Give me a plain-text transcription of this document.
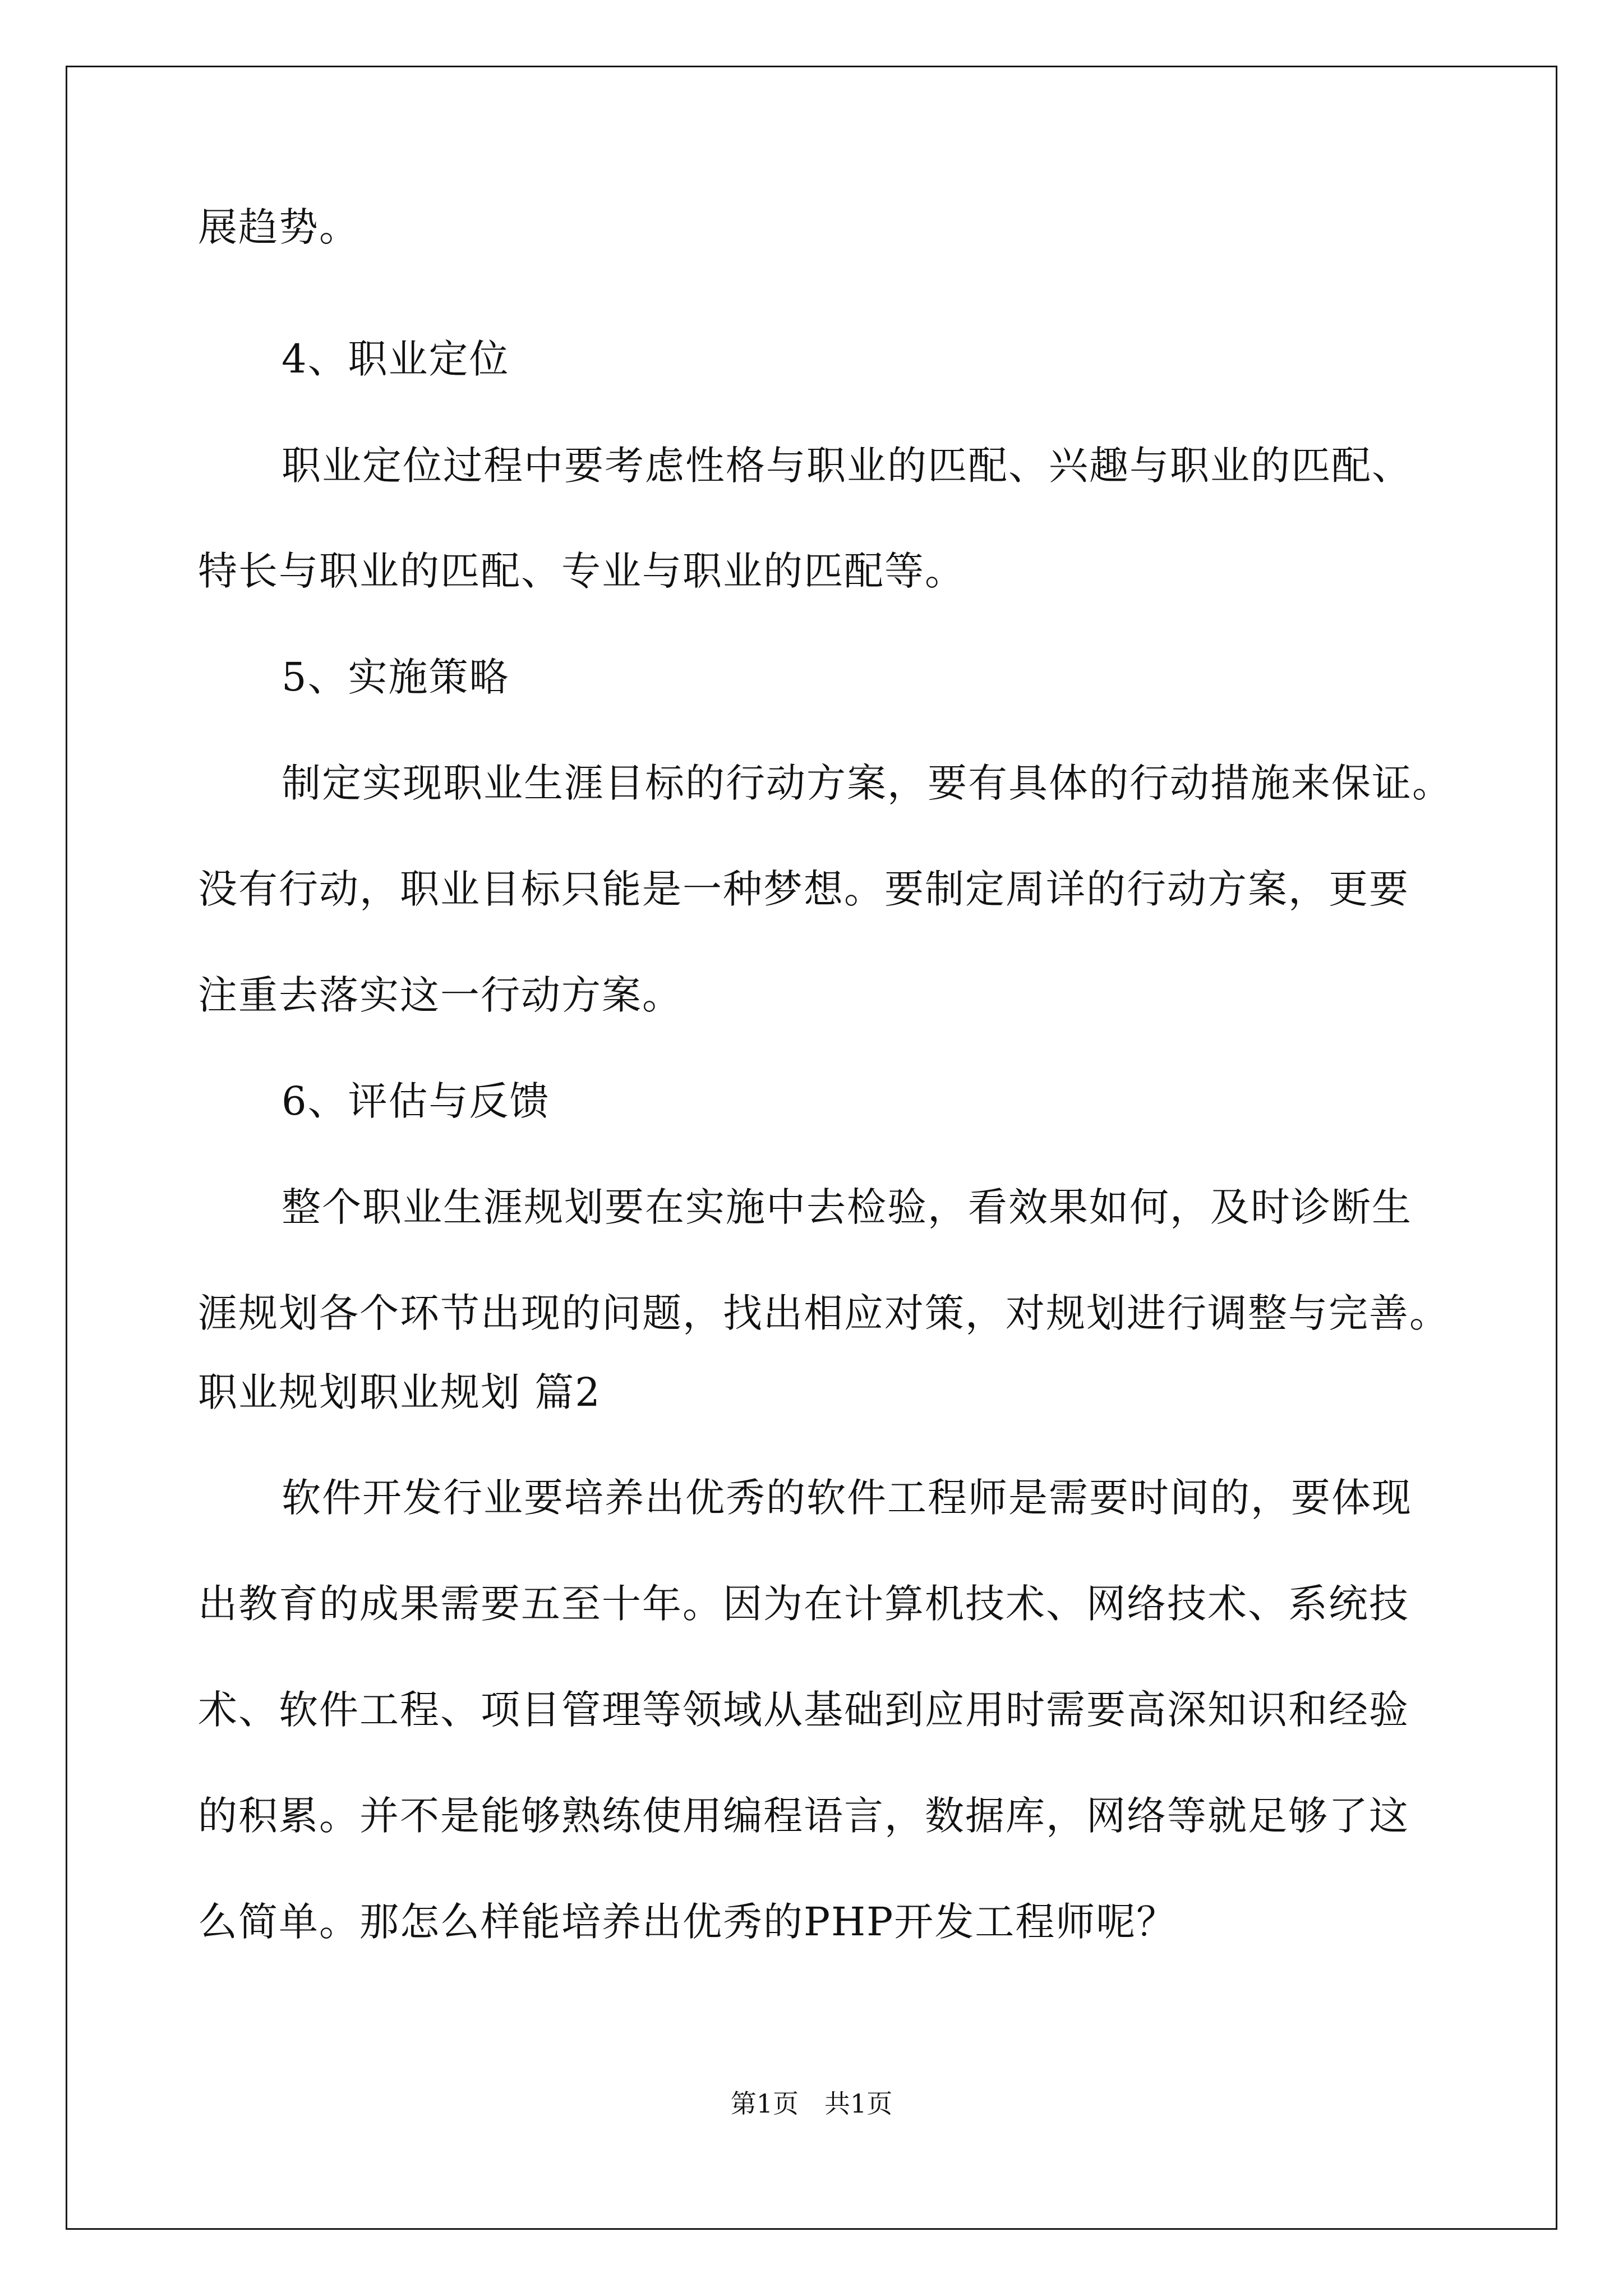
展趋势。

4、职业定位

职业定位过程中要考虑性格与职业的匹配、兴趣与职业的匹配、

特长与职业的匹配、专业与职业的匹配等。

5、实施策略

制定实现职业生涯目标的行动方案，要有具体的行动措施来保证。

没有行动，职业目标只能是一种梦想。要制定周详的行动方案，更要

注重去落实这一行动方案。

6、评估与反馈

整个职业生涯规划要在实施中去检验，看效果如何，及时诊断生

涯规划各个环节出现的问题，找出相应对策，对规划进行调整与完善。

职业规划职业规划 篇2

软件开发行业要培养出优秀的软件工程师是需要时间的，要体现

出教育的成果需要五至十年。因为在计算机技术、网络技术、系统技

术、软件工程、项目管理等领域从基础到应用时需要高深知识和经验

的积累。并不是能够熟练使用编程语言，数据库，网络等就足够了这

么简单。那怎么样能培养出优秀的PHP开发工程师呢？

第1页　共1页
